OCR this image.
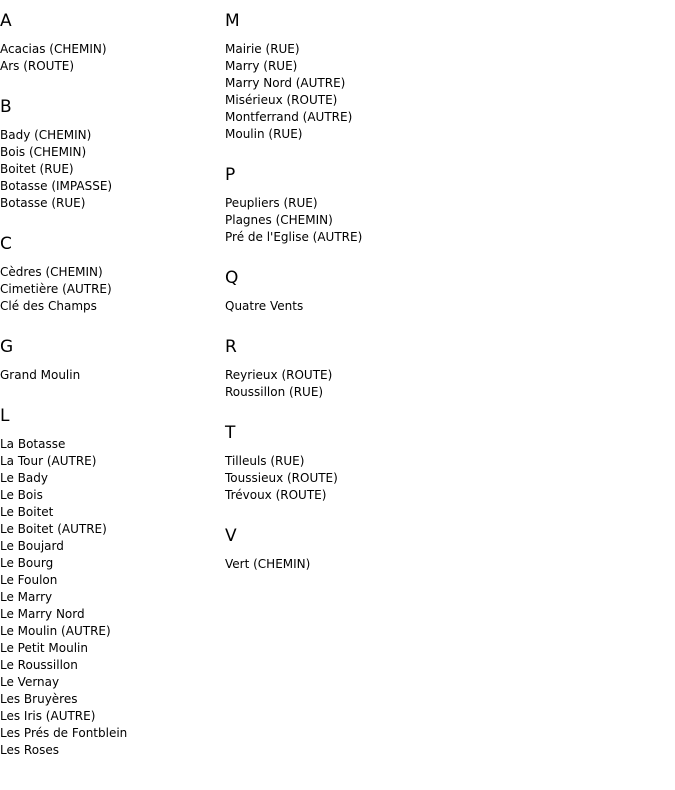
A
Acacias (CHEMIN)
Ars (ROUTE)
B
Bady (CHEMIN)
Bois (CHEMIN)
Boitet (RUE)
Botasse (IMPASSE)
Botasse (RUE)
C
Cèdres (CHEMIN)
Cimetière (AUTRE)
Clé des Champs
G
Grand Moulin
L
La Botasse
La Tour (AUTRE)
Le Bady
Le Bois
Le Boitet
Le Boitet (AUTRE)
Le Boujard
Le Bourg
Le Foulon
Le Marry
Le Marry Nord
Le Moulin (AUTRE)
Le Petit Moulin
Le Roussillon
Le Vernay
Les Bruyères
Les Iris (AUTRE)
Les Prés de Fontblein
Les Roses
M
Mairie (RUE)
Marry (RUE)
Marry Nord (AUTRE)
Misérieux (ROUTE)
Montferrand (AUTRE)
Moulin (RUE)
P
Peupliers (RUE)
Plagnes (CHEMIN)
Pré de l'Eglise (AUTRE)
Q
Quatre Vents
R
Reyrieux (ROUTE)
Roussillon (RUE)
T
Tilleuls (RUE)
Toussieux (ROUTE)
Trévoux (ROUTE)
V
Vert (CHEMIN)
